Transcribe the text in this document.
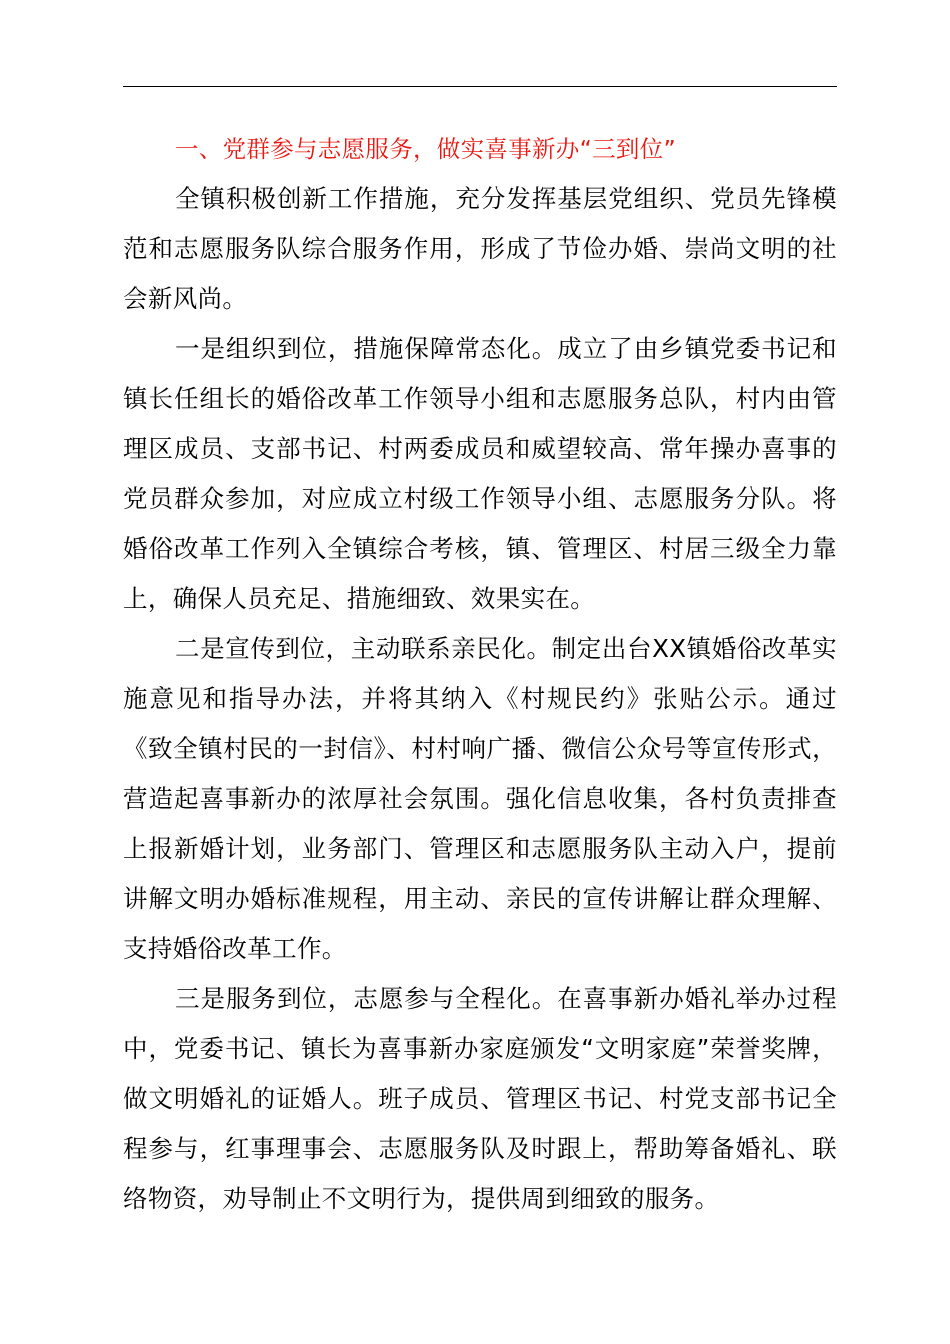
一、党群参与志愿服务，做实喜事新办“三到位”

全镇积极创新工作措施，充分发挥基层党组织、党员先锋模范和志愿服务队综合服务作用，形成了节俭办婚、崇尚文明的社会新风尚。

一是组织到位，措施保障常态化。成立了由乡镇党委书记和镇长任组长的婚俗改革工作领导小组和志愿服务总队，村内由管理区成员、支部书记、村两委成员和威望较高、常年操办喜事的党员群众参加，对应成立村级工作领导小组、志愿服务分队。将婚俗改革工作列入全镇综合考核，镇、管理区、村居三级全力靠上，确保人员充足、措施细致、效果实在。

二是宣传到位，主动联系亲民化。制定出台XX镇婚俗改革实施意见和指导办法，并将其纳入《村规民约》张贴公示。通过《致全镇村民的一封信》、村村响广播、微信公众号等宣传形式，营造起喜事新办的浓厚社会氛围。强化信息收集，各村负责排查上报新婚计划，业务部门、管理区和志愿服务队主动入户，提前讲解文明办婚标准规程，用主动、亲民的宣传讲解让群众理解、支持婚俗改革工作。

三是服务到位，志愿参与全程化。在喜事新办婚礼举办过程中，党委书记、镇长为喜事新办家庭颁发“文明家庭”荣誉奖牌，做文明婚礼的证婚人。班子成员、管理区书记、村党支部书记全程参与，红事理事会、志愿服务队及时跟上，帮助筹备婚礼、联络物资，劝导制止不文明行为，提供周到细致的服务。
